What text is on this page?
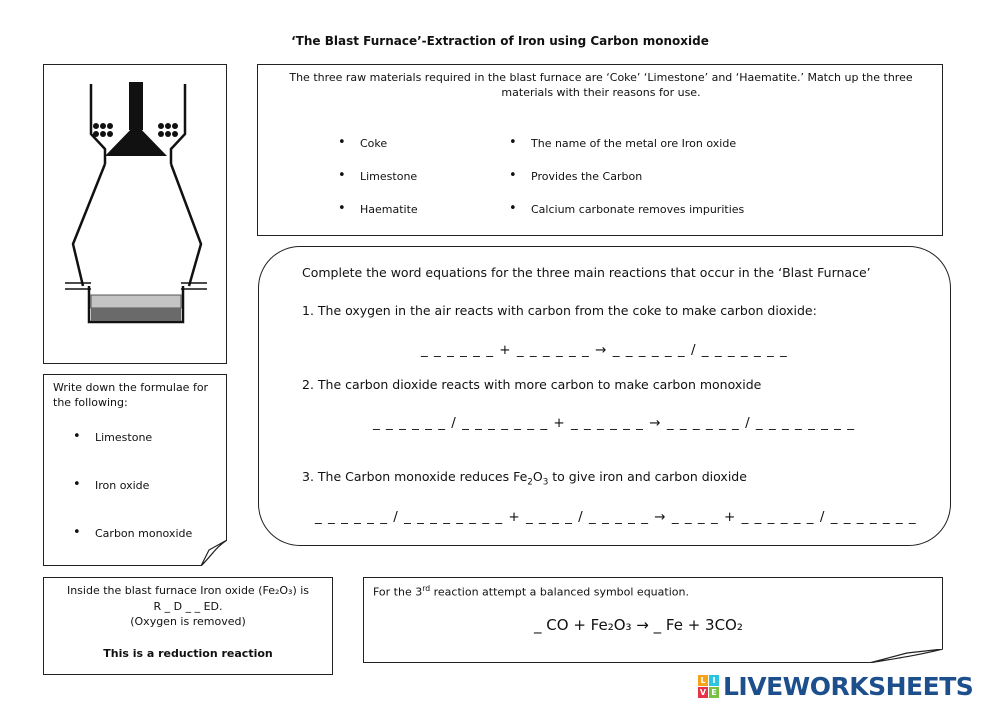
‘The Blast Furnace’-Extraction of Iron using Carbon monoxide
The three raw materials required in the blast furnace are ‘Coke’ ‘Limestone’ and ‘Haematite.’ Match up the three materials with their reasons for use.
• Coke
• Limestone
• Haematite
• The name of the metal ore Iron oxide
• Provides the Carbon
• Calcium carbonate removes impurities
Write down the formulae for the following:
• Limestone
• Iron oxide
• Carbon monoxide
Complete the word equations for the three main reactions that occur in the ‘Blast Furnace’
1. The oxygen in the air reacts with carbon from the coke to make carbon dioxide:
_ _ _ _ _ _ + _ _ _ _ _ _ → _ _ _ _ _ _ / _ _ _ _ _ _ _
2. The carbon dioxide reacts with more carbon to make carbon monoxide
_ _ _ _ _ _ / _ _ _ _ _ _ _ + _ _ _ _ _ _ → _ _ _ _ _ _ / _ _ _ _ _ _ _ _
3. The Carbon monoxide reduces $Fe_2O_3$ to give iron and carbon dioxide
_ _ _ _ _ _ / _ _ _ _ _ _ _ _ + _ _ _ _ / _ _ _ _ _ → _ _ _ _ + _ _ _ _ _ _ / _ _ _ _ _ _ _
Inside the blast furnace Iron oxide (Fe₂O₃) is
R _ D _ _ ED.
(Oxygen is removed)
This is a reduction reaction
For the 3rd reaction attempt a balanced symbol equation.
_ CO + Fe₂O₃ → _ Fe + 3CO₂
L I
V E LIVEWORKSHEETS
